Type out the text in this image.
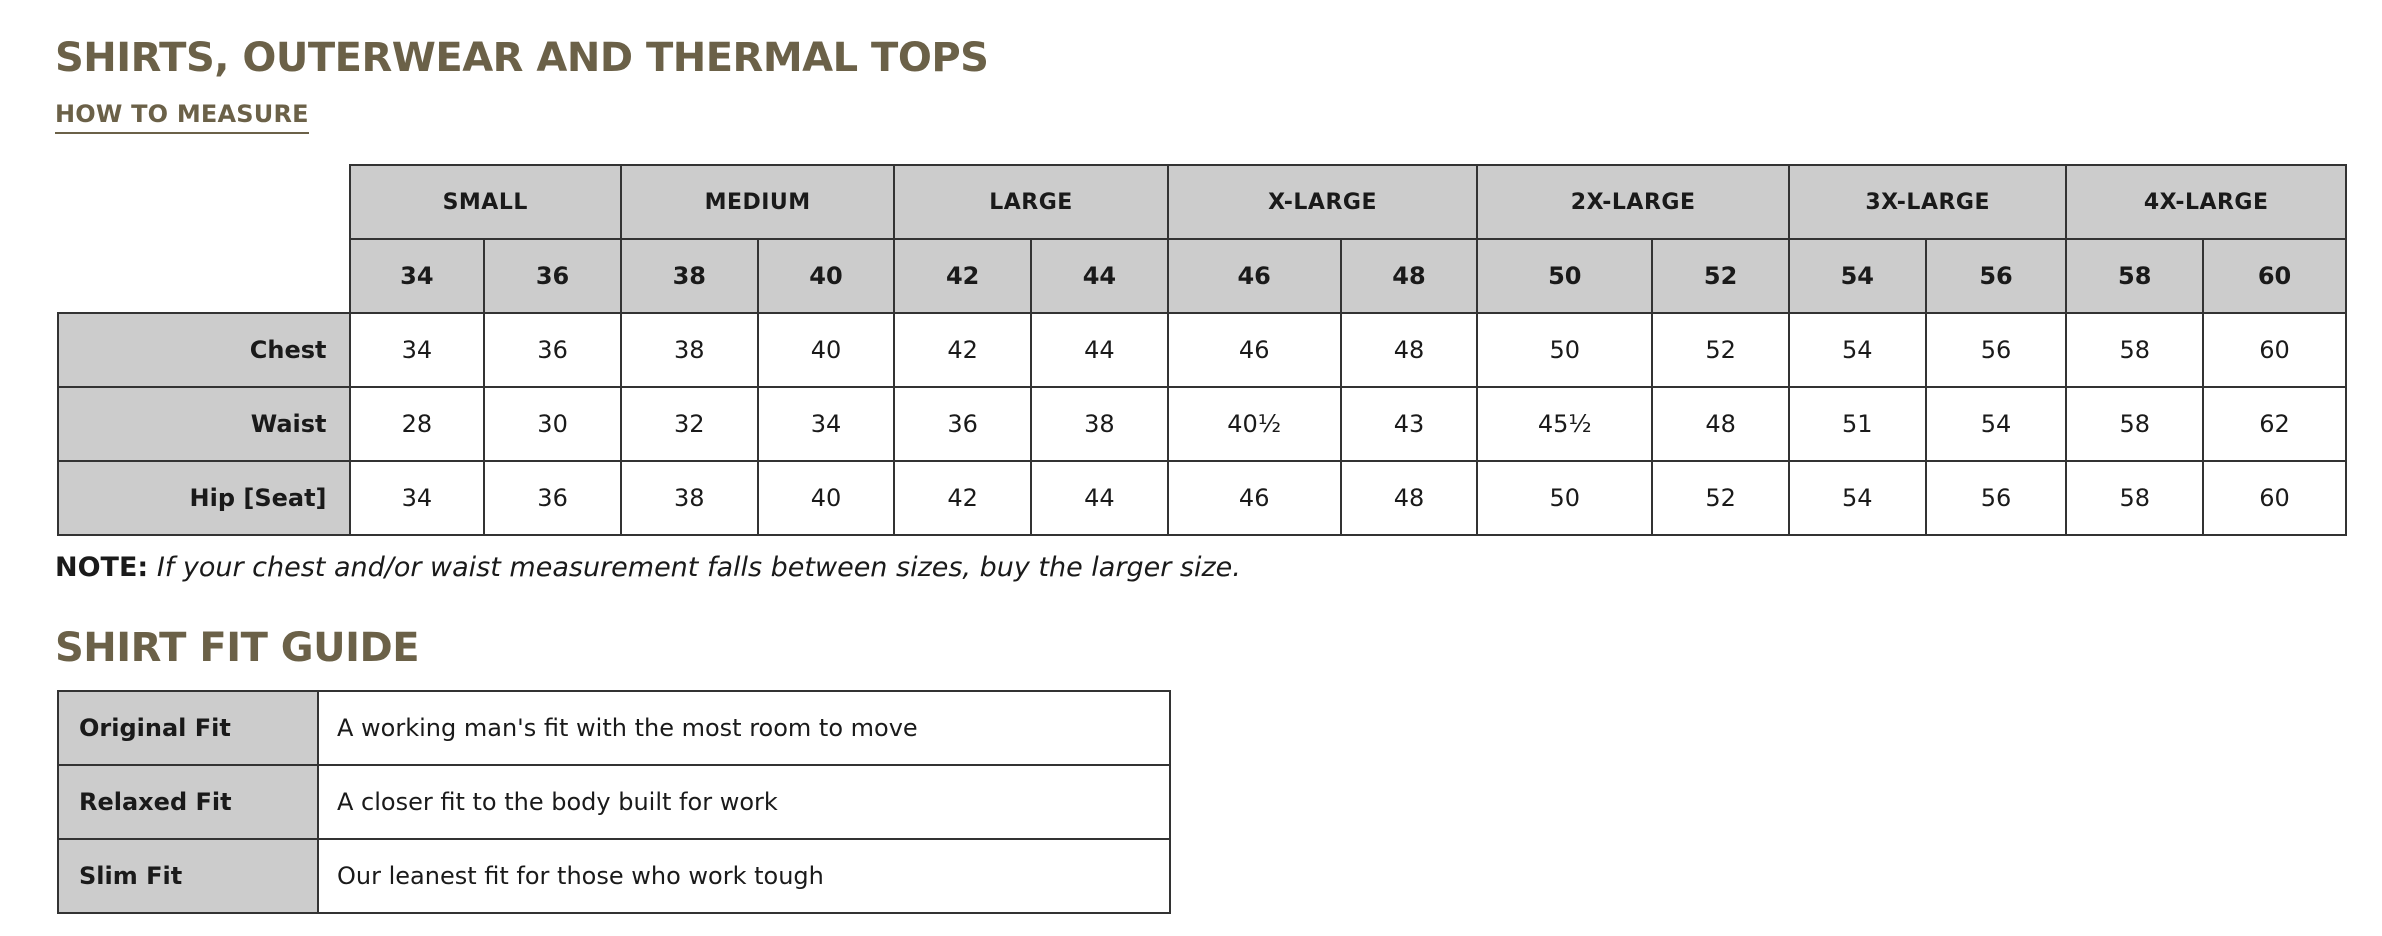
SHIRTS, OUTERWEAR AND THERMAL TOPS
HOW TO MEASURE
	SMALL		MEDIUM		LARGE		X-LARGE		2X-LARGE		3X-LARGE		4X-LARGE	
	34	36	38	40	42	44	46	48	50	52	54	56	58	60
Chest	34	36	38	40	42	44	46	48	50	52	54	56	58	60
Waist	28	30	32	34	36	38	40½	43	45½	48	51	54	58	62
Hip [Seat]	34	36	38	40	42	44	46	48	50	52	54	56	58	60

NOTE: If your chest and/or waist measurement falls between sizes, buy the larger size.

SHIRT FIT GUIDE
Original Fit	A working man's fit with the most room to move
Relaxed Fit	A closer fit to the body built for work
Slim Fit	Our leanest fit for those who work tough
